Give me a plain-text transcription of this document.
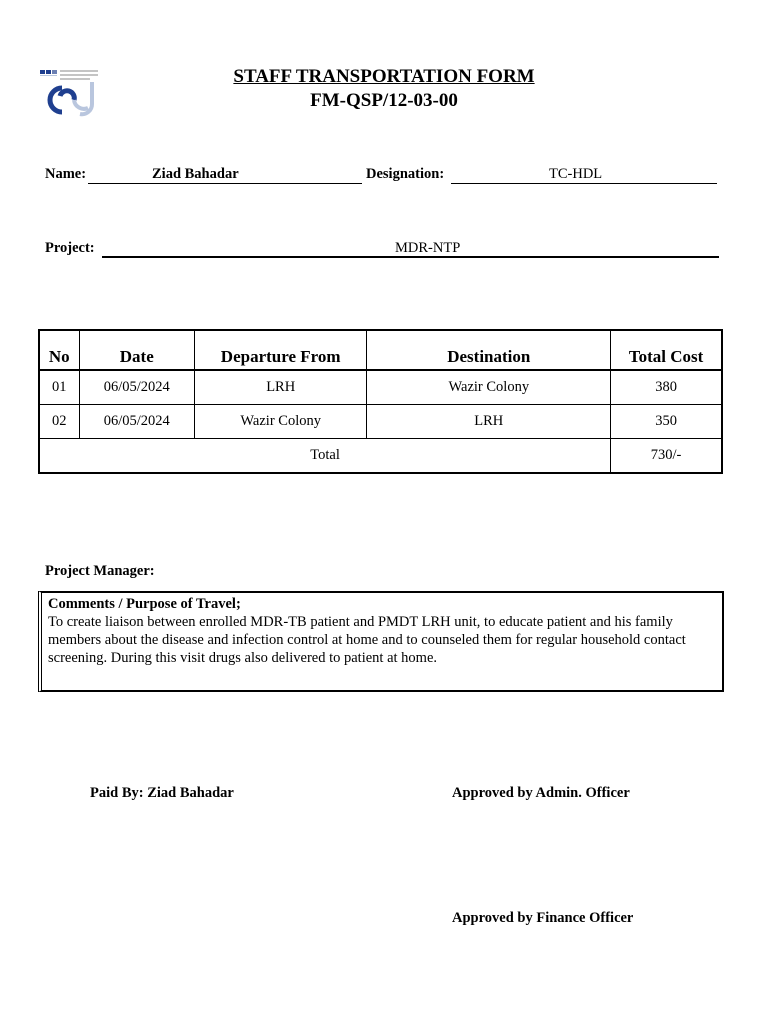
STAFF TRANSPORTATION FORM
FM-QSP/12-03-00
Name:	Ziad Bahadar	Designation:	TC-HDL
Project:	MDR-NTP
No	Date	Departure From	Destination	Total Cost
01	06/05/2024	LRH	Wazir Colony	380
02	06/05/2024	Wazir Colony	LRH	350
Total				730/-
Project Manager:
Comments / Purpose of Travel;
To create liaison between enrolled MDR-TB patient and PMDT LRH unit, to educate patient and his family members about the disease and infection control at home and to counseled them for regular household contact screening. During this visit drugs also delivered to patient at home.
Paid By: Ziad Bahadar	Approved by Admin. Officer
Approved by Finance Officer
